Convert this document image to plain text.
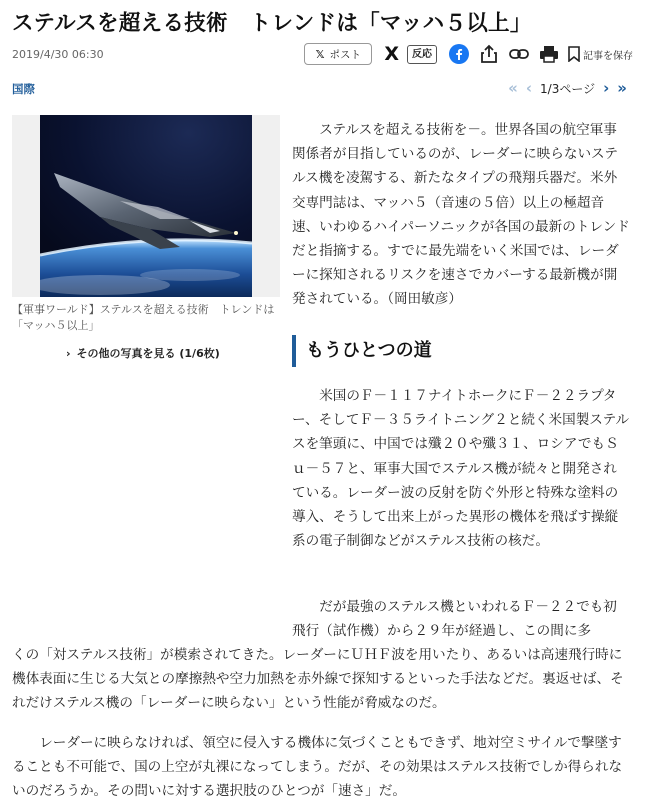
ステルスを超える技術　トレンドは「マッハ５以上」
2019/4/30 06:30	𝕏 ポスト X	反応	記事を保存
国際	« ‹ 1/3ページ › »
【軍事ワールド】ステルスを超える技術　トレンドは「マッハ５以上」
› その他の写真を見る (1/6枚)

ステルスを超える技術を－。世界各国の航空軍事関係者が目指しているのが、レーダーに映らないステルス機を凌駕する、新たなタイプの飛翔兵器だ。米外交専門誌は、マッハ５（音速の５倍）以上の極超音速、いわゆるハイパーソニックが各国の最新のトレンドだと指摘する。すでに最先端をいく米国では、レーダーに探知されるリスクを速さでカバーする最新機が開発されている。（岡田敏彦）

もうひとつの道

米国のＦ－１１７ナイトホークにＦ－２２ラプター、そしてＦ－３５ライトニング２と続く米国製ステルスを筆頭に、中国では殲２０や殲３１、ロシアでもＳｕ－５７と、軍事大国でステルス機が続々と開発されている。レーダー波の反射を防ぐ外形と特殊な塗料の導入、そうして出来上がった異形の機体を飛ばす操縦系の電子制御などがステルス技術の核だ。

だが最強のステルス機といわれるＦ－２２でも初飛行（試作機）から２９年が経過し、この間に多

くの「対ステルス技術」が模索されてきた。レーダーにＵＨＦ波を用いたり、あるいは高速飛行時に機体表面に生じる大気との摩擦熱や空力加熱を赤外線で探知するといった手法などだ。裏返せば、それだけステルス機の「レーダーに映らない」という性能が脅威なのだ。

レーダーに映らなければ、領空に侵入する機体に気づくこともできず、地対空ミサイルで撃墜することも不可能で、国の上空が丸裸になってしまう。だが、その効果はステルス技術でしか得られないのだろうか。その問いに対する選択肢のひとつが「速さ」だ。
